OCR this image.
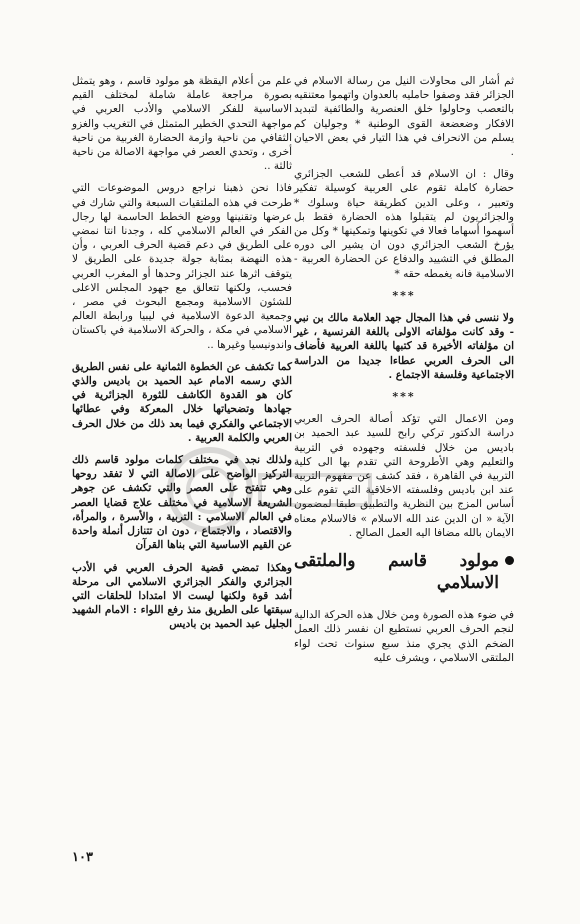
ثم أشار الى محاولات النيل من رسالة الاسلام في الجزائر فقد وصفوا حامليه بالعدوان واتهموا معتنقيه بالتعصب وحاولوا خلق العنصرية والطائفية لتبديد الافكار وضعضعة القوى الوطنية * وجوليان كم يسلم من الانحراف في هذا التيار في بعض الاحيان .

وقال : ان الاسلام قد أعطى للشعب الجزائري حضارة كاملة تقوم على العربية كوسيلة تفكير وتعبير ، وعلى الدين كطريقة حياة وسلوك * والجزائريون لم يتقبلوا هذه الحضارة فقط بل أسهموا أسهاما فعالا في تكوينها وتمكينها * وكل من يؤرخ الشعب الجزائري دون ان يشير الى دوره المطلق في التشييد والدفاع عن الحضارة العربية - الاسلامية فانه يغمطه حقه *

***

ولا ننسى في هذا المجال جهد العلامة مالك بن نبي - وقد كانت مؤلفاته الاولى باللغة الفرنسية ، غير ان مؤلفاته الأخيرة قد كتبها باللغة العربية فأضاف الى الحرف العربي عطاءا جديدا من الدراسة الاجتماعية وفلسفة الاجتماع .

***

ومن الاعمال التي تؤكد أصالة الحرف العربي دراسة الدكتور تركي رابح للسيد عبد الحميد بن باديس من خلال فلسفته وجهوده في التربية والتعليم وهي الأطروحة التي تقدم بها الى كلية التربية في القاهرة ، فقد كشف عن مفهوم التربية عند ابن باديس وفلسفته الاخلاقية التي تقوم على أساس المزج بين النظرية والتطبيق طبقا لمضمون الآية « ان الدين عند الله الاسلام » فالاسلام معناه الايمان بالله مضافا اليه العمل الصالح .

مولود قاسم والملتقى الاسلامي

في ضوء هذه الصورة ومن خلال هذه الحركة الدالية لنجم الحرف العربي نستطيع ان نفسر ذلك العمل الضخم الذي يجري منذ سبع سنوات تحت لواء الملتقى الاسلامي ، ويشرف عليه

علم من أعلام اليقظة هو مولود قاسم ، وهو يتمثل بصورة مراجعة عاملة شاملة لمختلف القيم الاساسية للفكر الاسلامي والأدب العربي في مواجهة التحدي الخطير المتمثل في التغريب والغزو الثقافي من ناحية وازمة الحضارة الغربية من ناحية أخرى ، وتحدي العصر في مواجهة الاصالة من ناحية ثالثة ..

فاذا نحن ذهبنا نراجع دروس الموضوعات التي طرحت في هذه الملتقيات السبعة والتي شارك في عرضها وتقنينها ووضع الخطط الحاسمة لها رجال الفكر في العالم الاسلامي كله ، وجدنا انتا نمضي على الطريق في دعم قضية الحرف العربي ، وأن هذه النهضة بمثابة جولة جديدة على الطريق لا يتوقف اثرها عند الجزائر وحدها أو المغرب العربي فحسب، ولكنها تتعالق مع جهود المجلس الاعلى للشئون الاسلامية ومجمع البحوث في مصر ، وجمعية الدعوة الاسلامية في ليبيا ورابطة العالم الاسلامي في مكة ، والحركة الاسلامية في باكستان واندونيسيا وغيرها ..

كما تكشف عن الخطوة الثمانية على نفس الطريق الذي رسمه الامام عبد الحميد بن باديس والذي كان هو القدوة الكاشف للثورة الجزائرية في جهادها وتضحياتها خلال المعركة وفي عطائها الاجتماعي والفكري فيما بعد ذلك من خلال الحرف العربي والكلمة العربية .

ولذلك نجد في مختلف كلمات مولود قاسم ذلك التركيز الواضح على الاصالة التي لا تفقد روحها وهي تتفتح على العصر والتي تكشف عن جوهر الشريعة الاسلامية في مختلف علاج قضايا العصر في العالم الاسلامي : التربية ، والأسرة ، والمرأة، والاقتصاد ، والاجتماع ، دون ان تتنازل أنملة واحدة عن القيم الاساسية التي بناها القرآن

وهكذا تمضي قضية الحرف العربي في الأدب الجزائري والفكر الجزائري الاسلامي الى مرحلة أشد قوة ولكنها ليست الا امتدادا للحلقات التي سبقتها على الطريق منذ رفع اللواء : الامام الشهيد الجليل عبد الحميد بن باديس

١٠٣
